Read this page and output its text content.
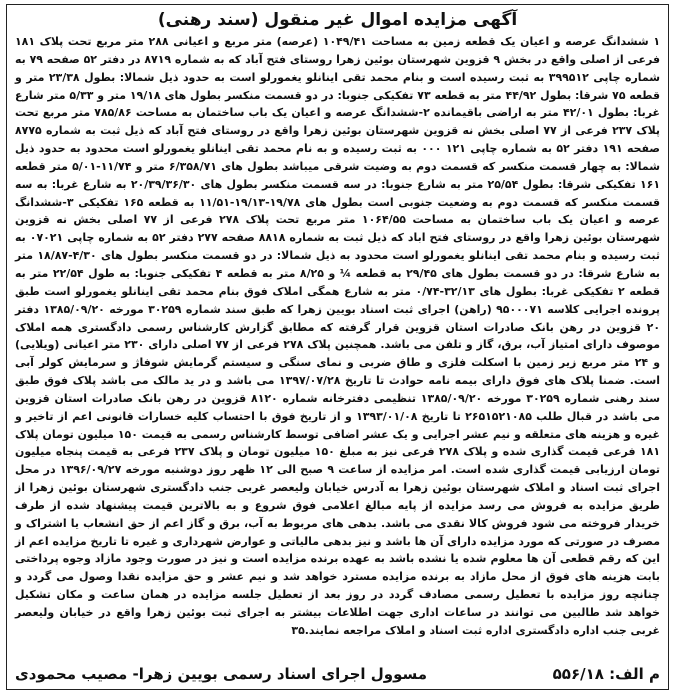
آگهی مزایده اموال غیر منقول (سند رهنی)

۱ ششدانگ عرصه و اعیان یک قطعه زمین به مساحت ۱۰۴۹/۴۱ (عرصه) متر مربع و اعیانی ۲۸۸ متر مربع تحت پلاک ۱۸۱ فرعی از اصلی واقع در بخش ۹ قزوین شهرستان بوئین زهرا روستای فتح آباد که به شماره ۸۷۱۹ در دفتر ۵۲ صفحه ۷۹ به شماره چاپی ۳۹۹۵۱۲ به ثبت رسیده است و بنام محمد تقی اینانلو یغمورلو است به حدود ذیل شمالا: بطول ۲۳/۳۸ متر و قطعه ۷۵ شرقا: بطول ۴۴/۹۲ متر به قطعه ۷۳ تفکیکی جنوبا: در دو قسمت منکسر بطول های ۱۹/۱۸ متر و ۵/۳۳ متر شارع غربا: بطول ۴۲/۰۱ متر به اراضی باقیمانده ۲-ششدانگ عرصه و اعیان یک باب ساختمان به مساحت ۷۸۵/۸۶ متر مربع تحت پلاک ۲۳۷ فرعی از ۷۷ اصلی بخش نه قزوین شهرستان بوئین زهرا واقع در روستای فتح آباد که ذیل ثبت به شماره ۸۷۷۵ صفحه ۱۹۱ دفتر ۵۲ به شماره چاپی ۱۲۱ ۰۰۰ به ثبت رسیده و به نام محمد تقی اینانلو یغمورلو است محدود به حدود ذیل شمالا: به چهار قسمت منکسر که قسمت دوم به وضیت شرقی میباشد بطول های ۶/۳۵۸/۷۱ متر و ۱۱/۷۴-۵/۰۱ متر قطعه ۱۶۱ تفکیکی شرقا: بطول ۲۵/۵۴ متر به شارع جنوبا: در سه قسمت منکسر بطول های ۲۰/۳۹/۳۶/۳۰ به شارع غربا: به سه قسمت منکسر که قسمت دوم به وضعیت جنوبی است بطول های ۱۹/۷۸-۱۹/۱۳-۱۱/۵۱ به قطعه ۱۶۵ تفکیکی ۳-ششدانگ عرصه و اعیان یک باب ساختمان به مساحت ۱۰۶۴/۵۵ متر مربع تحت پلاک ۲۷۸ فرعی از ۷۷ اصلی بخش نه قزوین شهرستان بوئین زهرا واقع در روستای فتح اباد که ذیل ثبت به شماره ۸۸۱۸ صفحه ۲۷۷ دفتر ۵۲ به شماره چاپی ۰۷۰۲۱ به ثبت رسیده و بنام محمد تقی اینانلو یغمورلو است محدود به ذیل شمالا: در دو قسمت منکسر بطول های ۴/۳۰-۱۸/۸۷ متر به شارع شرقا: در دو قسمت بطول های ۲۹/۴۵ به قطعه ¼ و ۸/۲۵ متر به قطعه ۴ تفکیکی جنوبا: به طول ۲۲/۵۴ متر به قطعه ۲ تفکیکی غربا: بطول های ۳۲/۱۳-۰/۷۴ متر به شارع همگی املاک فوق بنام محمد تقی اینانلو یغمورلو است طبق پرونده اجرایی کلاسه ۹۵۰۰۰۷۱ (راهن) اجرای ثبت اسناد بویین زهرا که طبق سند شماره ۳۰۲۵۹ مورخه ۱۳۸۵/۰۹/۲۰ دفتر ۲۰ قزوین در رهن بانک صادرات استان قزوین قرار گرفته که مطابق گزارش کارشناس رسمی دادگستری همه املاک موصوف دارای امتیاز آب، برق، گاز و تلفن می باشد. همچنین پلاک ۲۷۸ فرعی از ۷۷ اصلی دارای ۲۳۰ متر اعیانی (ویلایی) و ۲۴ متر مربع زیر زمین با اسکلت فلزی و طاق ضربی و نمای سنگی و سیستم گرمایش شوفاژ و سرمایش کولر آبی است. ضمنا پلاک های فوق دارای بیمه نامه حوادث تا تاریخ ۱۳۹۷/۰۷/۲۸ می باشد و در ید مالک می باشد پلاک فوق طبق سند رهنی شماره ۳۰۲۵۹ مورخه ۱۳۸۵/۰۹/۲۰ تنظیمی دفترخانه شماره ۸۱۲۰ قزوین در رهن بانک صادرات استان قزوین می باشد در قبال طلب ۲۶۵۱۵۲۱۰۸۵ تا تاریخ ۱۳۹۳/۰۱/۰۸ و از تاریخ فوق با احتساب کلیه خسارات قانونی اعم از تاخیر و غیره و هزینه های متعلقه و نیم عشر اجرایی و یک عشر اضافی توسط کارشناس رسمی به قیمت ۱۵۰ میلیون تومان پلاک ۱۸۱ فرعی قیمت گذاری شده و پلاک ۲۷۸ فرعی نیز به مبلغ ۱۵۰ میلیون تومان و پلاک ۲۳۷ فرعی به قیمت پنجاه میلیون تومان ارزیابی قیمت گذاری شده است. امر مزایده از ساعت ۹ صبح الی ۱۲ ظهر روز دوشنبه مورخه ۱۳۹۶/۰۹/۲۷ در محل اجرای ثبت اسناد و املاک شهرستان بوئین زهرا به آدرس خیابان ولیعصر غربی جنب دادگستری شهرستان بوئین زهرا از طریق مزایده به فروش می رسد مزایده از پایه مبالغ اعلامی فوق شروع و به بالاترین قیمت پیشنهاد شده از طرف خریدار فروخته می شود فروش کالا نقدی می باشد. بدهی های مربوط به آب، برق و گاز اعم از حق انشعاب یا اشتراک و مصرف در صورتی که مورد مزایده دارای آن ها باشد و نیز بدهی مالیاتی و عوارض شهرداری و غیره تا تاریخ مزایده اعم از این که رقم قطعی آن ها معلوم شده یا نشده باشد به عهده برنده مزایده است و نیز در صورت وجود مازاد وجوه پرداختی بابت هزینه های فوق از محل مازاد به برنده مزایده مسترد خواهد شد و نیم عشر و حق مزایده نقدا وصول می گردد و چنانچه روز مزایده با تعطیل رسمی مصادف گردد در روز بعد از تعطیل جلسه مزایده در همان ساعت و مکان تشکیل خواهد شد طالبین می توانند در ساعات اداری جهت اطلاعات بیشتر به اجرای ثبت بوئین زهرا واقع در خیابان ولیعصر غربی جنب اداره دادگستری اداره ثبت اسناد و املاک مراجعه نمایند.۳۵

م الف: ۵۵۶/۱۸
مسوول اجرای اسناد رسمی بویین زهرا- مصیب محمودی
